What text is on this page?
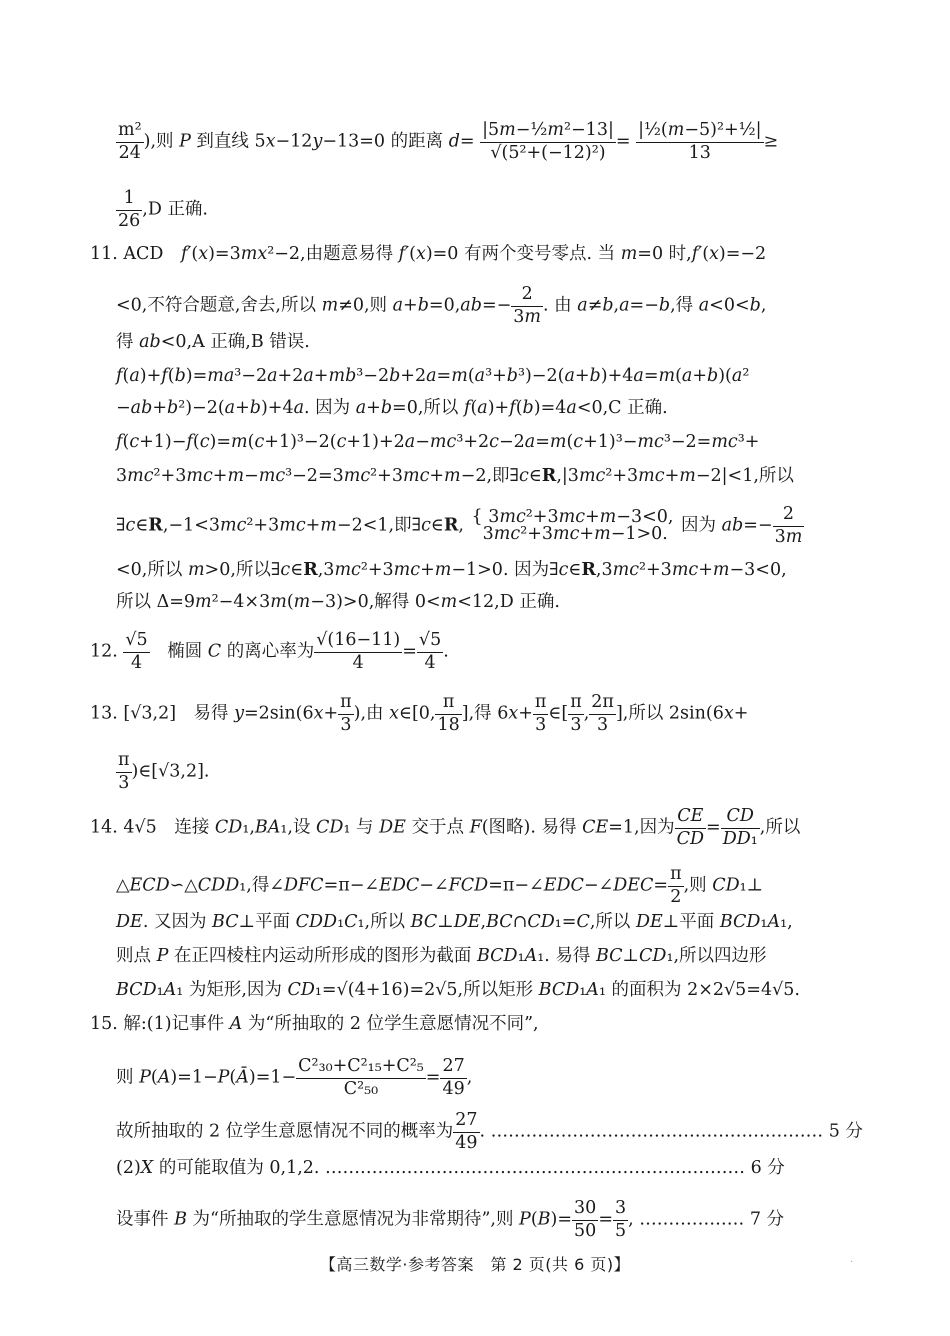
$\frac{\text{m²}}{24}$ ),则 P 到直线 5x−12y−13=0 的距离 $d= \frac{\text{|5m−½m²−13|}}{\text{√(5²+(−12)²)}} = \frac{\text{|½(m−5)²+½|}}{13}$ ≥
$\frac{1}{26} ,D$ 正确.
11. ACD　f′(x)=3mx²−2,由题意易得 f′(x)=0 有两个变号零点. 当 m=0 时,f′(x)=−2
<0,不符合题意,舍去,所以 m≠0,则 $a+b=0,ab=- \frac{2}{3m}$ . 由 a≠b,a=−b,得 a<0<b,
得 ab<0,A 正确,B 错误.
f(a)+f(b)=ma³−2a+2a+mb³−2b+2a=m(a³+b³)−2(a+b)+4a=m(a+b)(a²
−ab+b²)−2(a+b)+4a. 因为 a+b=0,所以 f(a)+f(b)=4a<0,C 正确.
f(c+1)−f(c)=m(c+1)³−2(c+1)+2a−mc³+2c−2a=m(c+1)³−mc³−2=mc³+
3mc²+3mc+m−mc³−2=3mc²+3mc+m−2,即∃c∈R,|3mc²+3mc+m−2|<1,所以
∃c∈R,−1<3mc²+3mc+m−2<1,即∃c∈R, { 3mc²+3mc+m−3<0,
3mc²+3mc+m−1>0. 因为 $ab=- \frac{2}{3m}$
<0,所以 m>0,所以∃c∈R,3mc²+3mc+m−1>0. 因为∃c∈R,3mc²+3mc+m−3<0,
所以 Δ=9m²−4×3m(m−3)>0,解得 0<m<12,D 正确.
12. $\frac{√5}{4}$ 　椭圆 C 的离心率为 $\frac{√(16-11)}{4} = \frac{√5}{4}$ .
13. [√3,2]　易得 $y=2\sin(6x+ \frac{\pi}{3}$ ),由 x∈[0, $\frac{\pi}{18}$ ],得 $6x+ \frac{\pi}{3}$ ∈[ $\frac{\pi}{3}$ , $\frac{2\pi}{3}$ ],所以 2sin(6x+
$\frac{\pi}{3}$ )∈[√3,2].
14. 4√5　连接 CD₁,BA₁,设 CD₁ 与 DE 交于点 F(图略). 易得 CE=1,因为 $\frac{CE}{CD} = \frac{CD}{\text{DD₁}}$ ,所以
△ECD∽△CDD₁,得∠DFC=π−∠EDC−∠FCD=π−∠EDC−∠DEC= $\frac{\pi}{2}$ ,则 CD₁⊥
DE. 又因为 BC⊥平面 CDD₁C₁,所以 BC⊥DE,BC∩CD₁=C,所以 DE⊥平面 BCD₁A₁,
则点 P 在正四棱柱内运动所形成的图形为截面 BCD₁A₁. 易得 BC⊥CD₁,所以四边形
BCD₁A₁ 为矩形,因为 CD₁=√(4+16)=2√5,所以矩形 BCD₁A₁ 的面积为 2×2√5=4√5.
15. 解:(1)记事件 A 为“所抽取的 2 位学生意愿情况不同”,
则 P(A)=1−P(Ā)=1− $\frac{\text{C²₃₀+C²₁₅+C²₅}}{\text{C²₅₀}} = \frac{27}{49}$ ,
故所抽取的 2 位学生意愿情况不同的概率为 $\frac{27}{49}$ . ………………………………………………… 5 分
(2)X 的可能取值为 0,1,2. ……………………………………………………………… 6 分
设事件 B 为“所抽取的学生意愿情况为非常期待”,则 $P(B)= \frac{30}{50} = \frac{3}{5}$ , ……………… 7 分
【高三数学·参考答案　第 2 页(共 6 页)】	·
